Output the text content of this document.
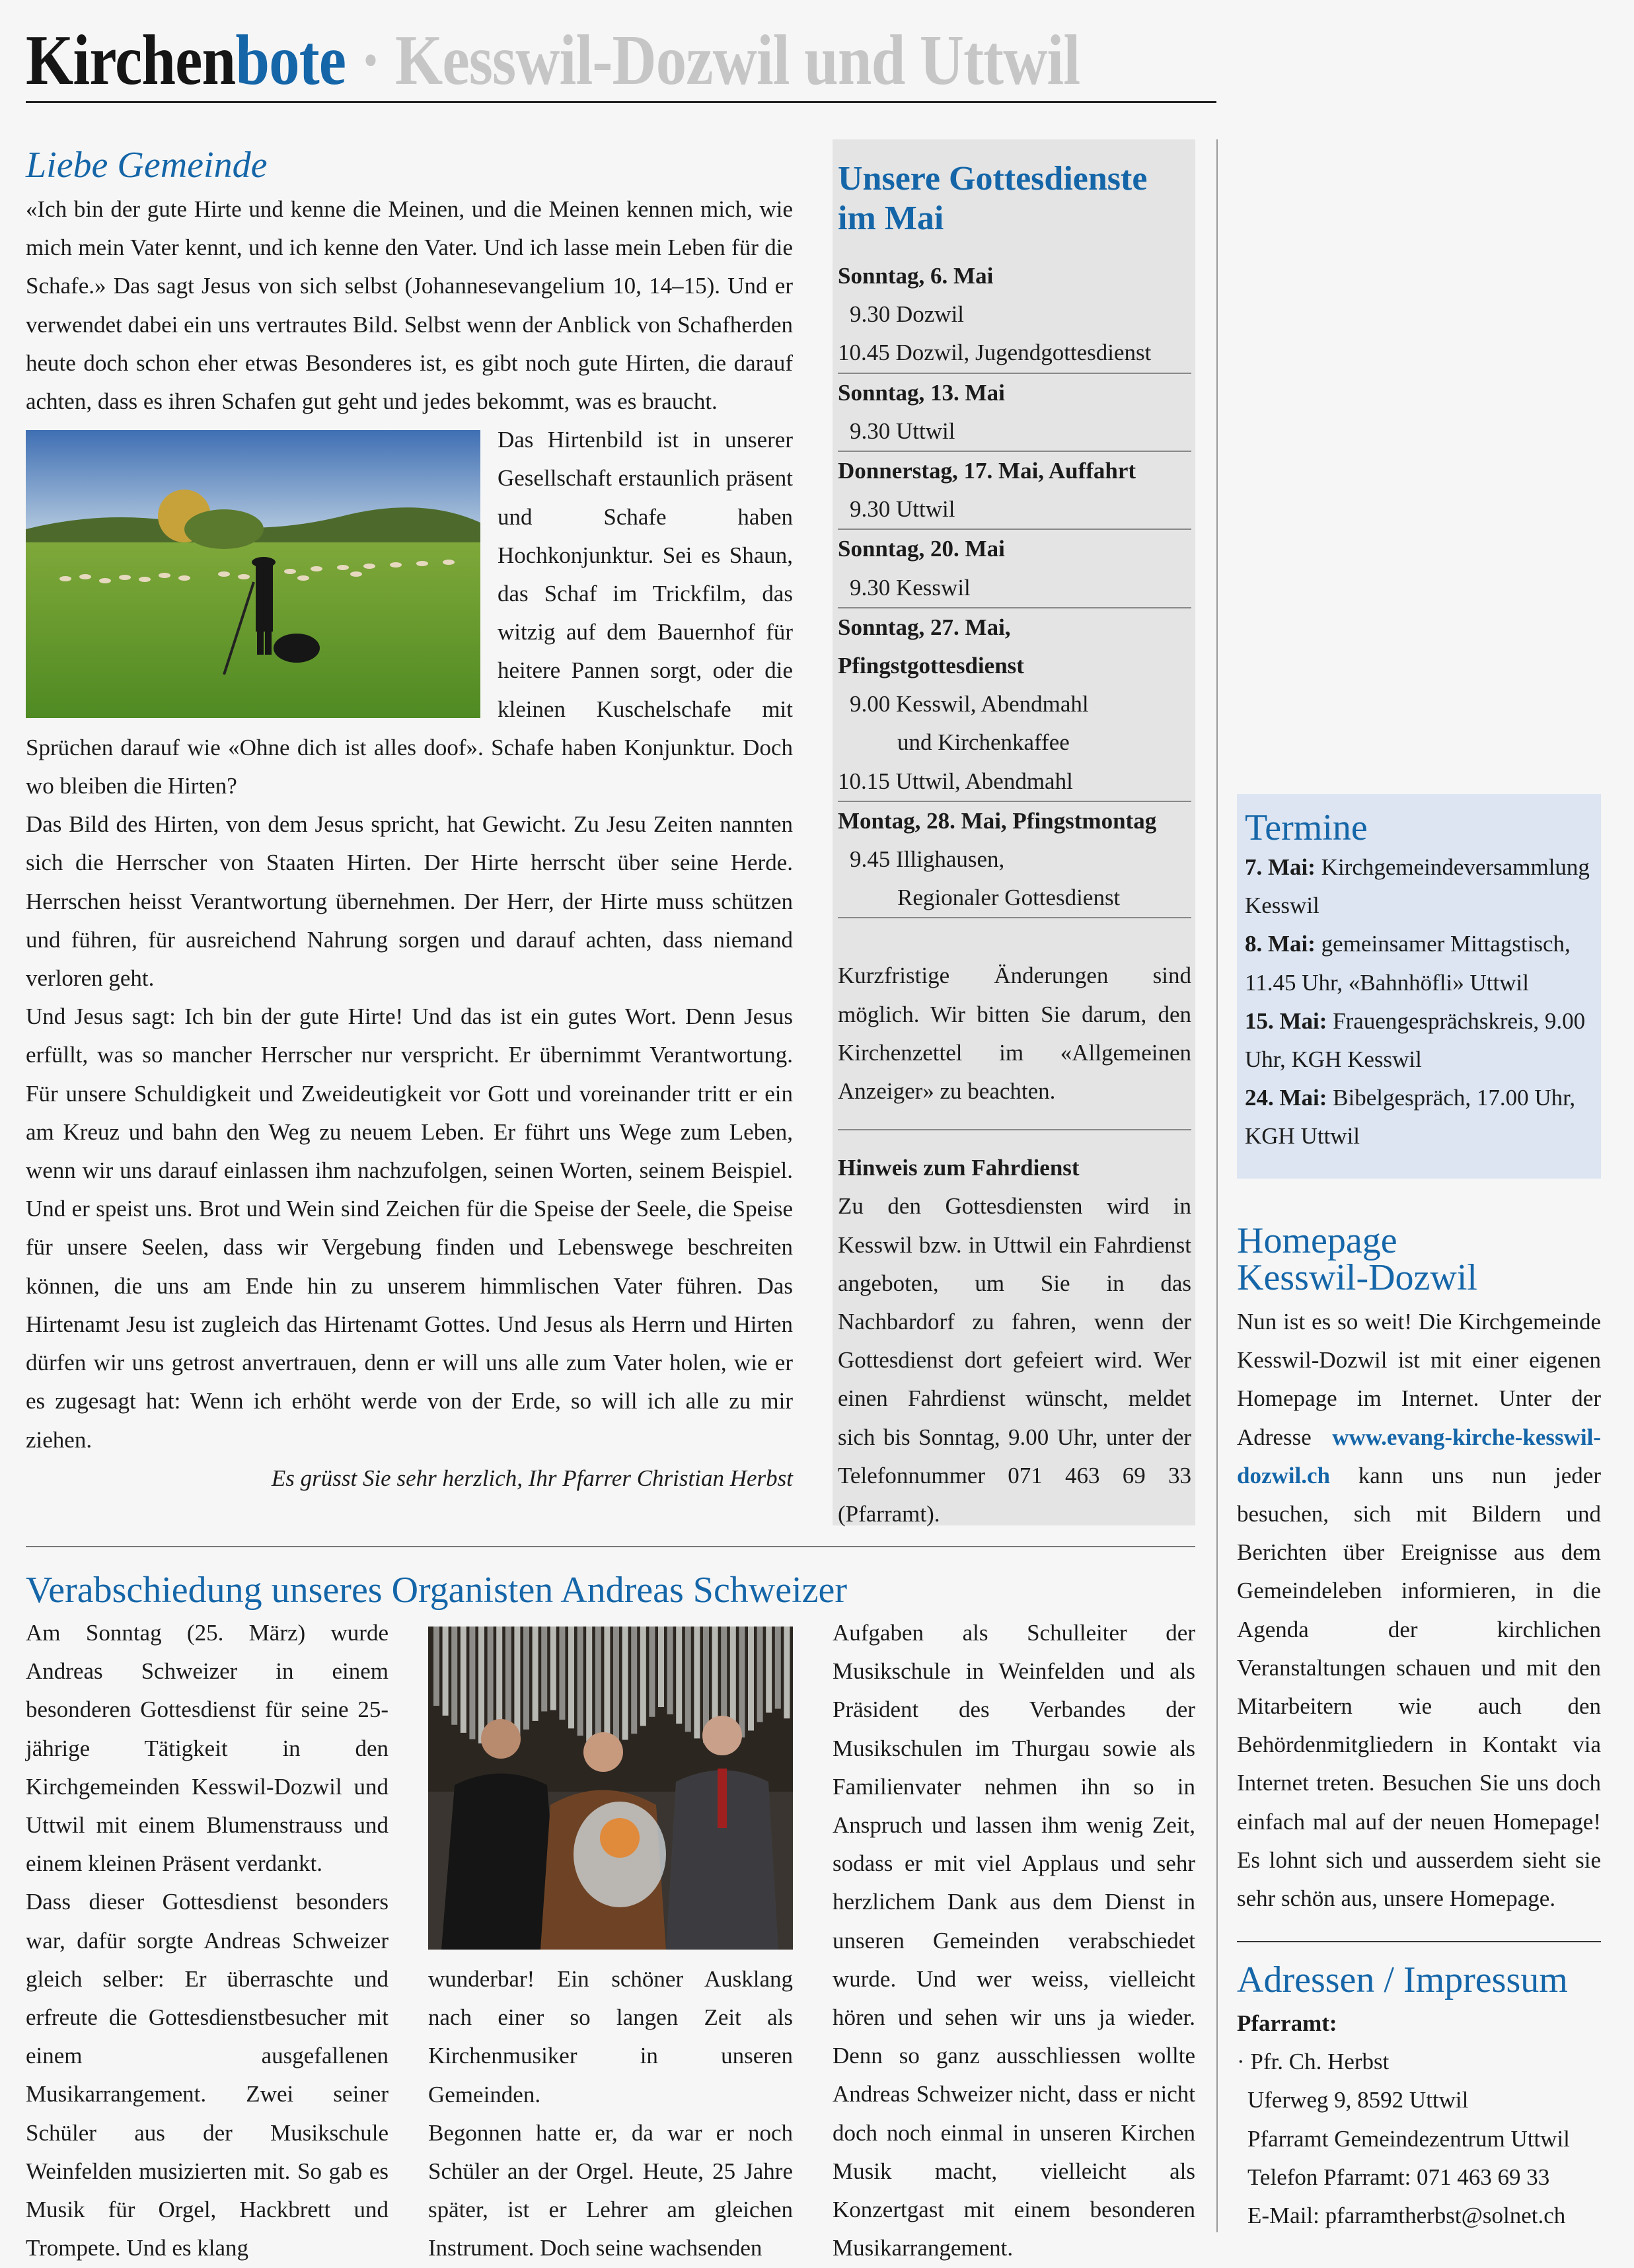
Kirchenbote · Kesswil-Dozwil und Uttwil
Liebe Gemeinde

«Ich bin der gute Hirte und kenne die Meinen, und die Meinen kennen mich, wie mich mein Vater kennt, und ich kenne den Vater. Und ich lasse mein Leben für die Schafe.» Das sagt Jesus von sich selbst (Johannesevangelium 10, 14–15). Und er verwendet dabei ein uns vertrautes Bild. Selbst wenn der Anblick von Schafherden heute doch schon eher etwas Besonderes ist, es gibt noch gute Hirten, die darauf achten, dass es ihren Schafen gut geht und jedes bekommt, was es braucht.

Das Hirtenbild ist in unserer Gesellschaft erstaunlich präsent und Schafe haben Hochkonjunktur. Sei es Shaun, das Schaf im Trickfilm, das witzig auf dem Bauernhof für heitere Pannen sorgt, oder die kleinen Kuschelschafe mit Sprüchen darauf wie «Ohne dich ist alles doof». Schafe haben Konjunktur. Doch wo bleiben die Hirten?

Das Bild des Hirten, von dem Jesus spricht, hat Gewicht. Zu Jesu Zeiten nannten sich die Herrscher von Staaten Hirten. Der Hirte herrscht über seine Herde. Herrschen heisst Verantwortung übernehmen. Der Herr, der Hirte muss schützen und führen, für ausreichend Nahrung sorgen und darauf achten, dass niemand verloren geht.

Und Jesus sagt: Ich bin der gute Hirte! Und das ist ein gutes Wort. Denn Jesus erfüllt, was so mancher Herrscher nur verspricht. Er übernimmt Verantwortung. Für unsere Schuldigkeit und Zweideutigkeit vor Gott und voreinander tritt er ein am Kreuz und bahn den Weg zu neuem Leben. Er führt uns Wege zum Leben, wenn wir uns darauf einlassen ihm nachzufolgen, seinen Worten, seinem Beispiel. Und er speist uns. Brot und Wein sind Zeichen für die Speise der Seele, die Speise für unsere Seelen, dass wir Vergebung finden und Lebenswege beschreiten können, die uns am Ende hin zu unserem himmlischen Vater führen. Das Hirtenamt Jesu ist zugleich das Hirtenamt Gottes. Und Jesus als Herrn und Hirten dürfen wir uns getrost anvertrauen, denn er will uns alle zum Vater holen, wie er es zugesagt hat: Wenn ich erhöht werde von der Erde, so will ich alle zu mir ziehen.

Es grüsst Sie sehr herzlich, Ihr Pfarrer Christian Herbst

Unsere Gottesdienste im Mai
Sonntag, 6. Mai
9.30 Dozwil
10.45 Dozwil, Jugendgottesdienst
Sonntag, 13. Mai
9.30 Uttwil
Donnerstag, 17. Mai, Auffahrt
9.30 Uttwil
Sonntag, 20. Mai
9.30 Kesswil
Sonntag, 27. Mai,
Pfingstgottesdienst
9.00 Kesswil, Abendmahl
und Kirchenkaffee
10.15 Uttwil, Abendmahl
Montag, 28. Mai, Pfingstmontag
9.45 Illighausen,
Regionaler Gottesdienst
Kurzfristige Änderungen sind möglich. Wir bitten Sie darum, den Kirchenzettel im «Allgemeinen Anzeiger» zu beachten.
Hinweis zum Fahrdienst
Zu den Gottesdiensten wird in Kesswil bzw. in Uttwil ein Fahrdienst angeboten, um Sie in das Nachbardorf zu fahren, wenn der Gottesdienst dort gefeiert wird. Wer einen Fahrdienst wünscht, meldet sich bis Sonntag, 9.00 Uhr, unter der Telefonnummer 071 463 69 33 (Pfarramt).
Verabschiedung unseres Organisten Andreas Schweizer

Am Sonntag (25. März) wurde Andreas Schweizer in einem besonderen Gottesdienst für seine 25-jährige Tätigkeit in den Kirchgemeinden Kesswil-Dozwil und Uttwil mit einem Blumenstrauss und einem kleinen Präsent verdankt.

Dass dieser Gottesdienst besonders war, dafür sorgte Andreas Schweizer gleich selber: Er überraschte und erfreute die Gottesdienstbesucher mit einem ausgefallenen Musikarrangement. Zwei seiner Schüler aus der Musikschule Weinfelden musizierten mit. So gab es Musik für Orgel, Hackbrett und Trompete. Und es klang

wunderbar! Ein schöner Ausklang nach einer so langen Zeit als Kirchenmusiker in unseren Gemeinden.

Begonnen hatte er, da war er noch Schüler an der Orgel. Heute, 25 Jahre später, ist er Lehrer am gleichen Instrument. Doch seine wachsenden

Aufgaben als Schulleiter der Musikschule in Weinfelden und als Präsident des Verbandes der Musikschulen im Thurgau sowie als Familienvater nehmen ihn so in Anspruch und lassen ihm wenig Zeit, sodass er mit viel Applaus und sehr herzlichem Dank aus dem Dienst in unseren Gemeinden verabschiedet wurde. Und wer weiss, vielleicht hören und sehen wir uns ja wieder. Denn so ganz ausschliessen wollte Andreas Schweizer nicht, dass er nicht doch noch einmal in unseren Kirchen Musik macht, vielleicht als Konzertgast mit einem besonderen Musikarrangement.
Termine
7. Mai: Kirchgemeindeversammlung Kesswil
8. Mai: gemeinsamer Mittagstisch, 11.45 Uhr, «Bahnhöfli» Uttwil
15. Mai: Frauengesprächskreis, 9.00 Uhr, KGH Kesswil
24. Mai: Bibelgespräch, 17.00 Uhr, KGH Uttwil
Homepage Kesswil-Dozwil
Nun ist es so weit! Die Kirchgemeinde Kesswil-Dozwil ist mit einer eigenen Homepage im Internet. Unter der Adresse www.evang-kirche-kesswil-dozwil.ch kann uns nun jeder besuchen, sich mit Bildern und Berichten über Ereignisse aus dem Gemeindeleben informieren, in die Agenda der kirchlichen Veranstaltungen schauen und mit den Mitarbeitern wie auch den Behördenmitgliedern in Kontakt via Internet treten. Besuchen Sie uns doch einfach mal auf der neuen Homepage! Es lohnt sich und ausserdem sieht sie sehr schön aus, unsere Homepage.
Adressen / Impressum
Pfarramt:
· Pfr. Ch. Herbst
Uferweg 9, 8592 Uttwil
Pfarramt Gemeindezentrum Uttwil
Telefon Pfarramt: 071 463 69 33
E-Mail: pfarramtherbst@solnet.ch
